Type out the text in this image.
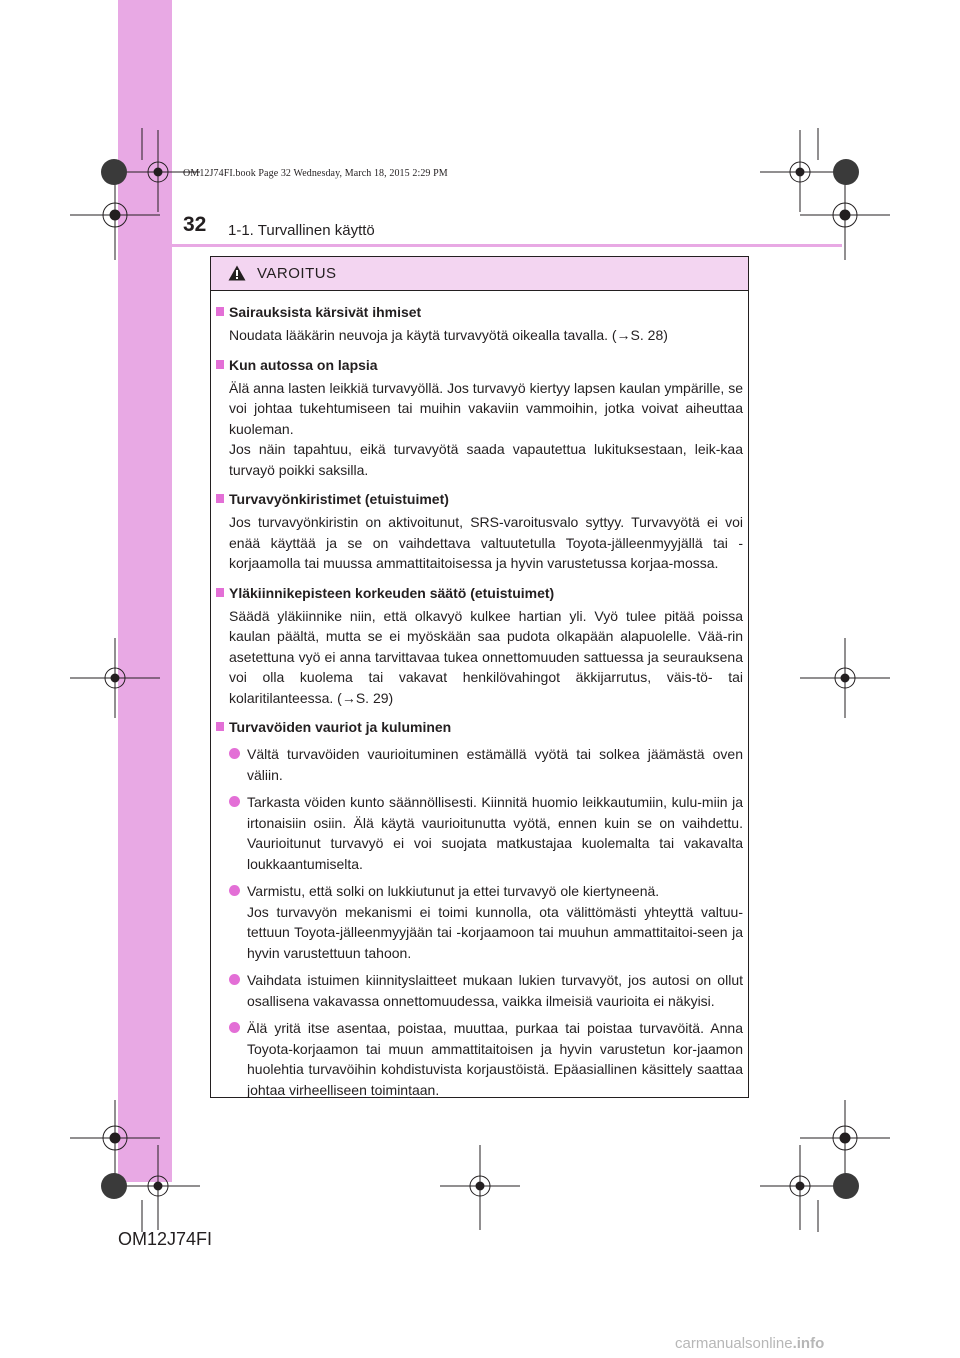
OM12J74FI.book Page 32 Wednesday, March 18, 2015 2:29 PM
32 1-1. Turvallinen käyttö
VAROITUS
Sairauksista kärsivät ihmiset
Noudata lääkärin neuvoja ja käytä turvavyötä oikealla tavalla. (→S. 28)
Kun autossa on lapsia
Älä anna lasten leikkiä turvavyöllä. Jos turvavyö kiertyy lapsen kaulan ympärille, se voi johtaa tukehtumiseen tai muihin vakaviin vammoihin, jotka voivat aiheuttaa kuoleman.
Jos näin tapahtuu, eikä turvavyötä saada vapautettua lukituksestaan, leik-kaa turvayö poikki saksilla.
Turvavyönkiristimet (etuistuimet)
Jos turvavyönkiristin on aktivoitunut, SRS-varoitusvalo syttyy. Turvavyötä ei voi enää käyttää ja se on vaihdettava valtuutetulla Toyota-jälleenmyyjällä tai -korjaamolla tai muussa ammattitaitoisessa ja hyvin varustetussa korjaa-mossa.
Yläkiinnikepisteen korkeuden säätö (etuistuimet)
Säädä yläkiinnike niin, että olkavyö kulkee hartian yli. Vyö tulee pitää poissa kaulan päältä, mutta se ei myöskään saa pudota olkapään alapuolelle. Vää-rin asetettuna vyö ei anna tarvittavaa tukea onnettomuuden sattuessa ja seurauksena voi olla kuolema tai vakavat henkilövahingot äkkijarrutus, väis-tö- tai kolaritilanteessa. (→S. 29)
Turvavöiden vauriot ja kuluminen
Vältä turvavöiden vaurioituminen estämällä vyötä tai solkea jäämästä oven väliin.
Tarkasta vöiden kunto säännöllisesti. Kiinnitä huomio leikkautumiin, kulu-miin ja irtonaisiin osiin. Älä käytä vaurioitunutta vyötä, ennen kuin se on vaihdettu. Vaurioitunut turvavyö ei voi suojata matkustajaa kuolemalta tai vakavalta loukkaantumiselta.
Varmistu, että solki on lukkiutunut ja ettei turvavyö ole kiertyneenä.
Jos turvavyön mekanismi ei toimi kunnolla, ota välittömästi yhteyttä valtuu-tettuun Toyota-jälleenmyyjään tai -korjaamoon tai muuhun ammattitaitoi-seen ja hyvin varustettuun tahoon.
Vaihdata istuimen kiinnityslaitteet mukaan lukien turvavyöt, jos autosi on ollut osallisena vakavassa onnettomuudessa, vaikka ilmeisiä vaurioita ei näkyisi.
Älä yritä itse asentaa, poistaa, muuttaa, purkaa tai poistaa turvavöitä. Anna Toyota-korjaamon tai muun ammattitaitoisen ja hyvin varustetun kor-jaamon huolehtia turvavöihin kohdistuvista korjaustöistä. Epäasiallinen käsittely saattaa johtaa virheelliseen toimintaan.
OM12J74FI
carmanualsonline.info
